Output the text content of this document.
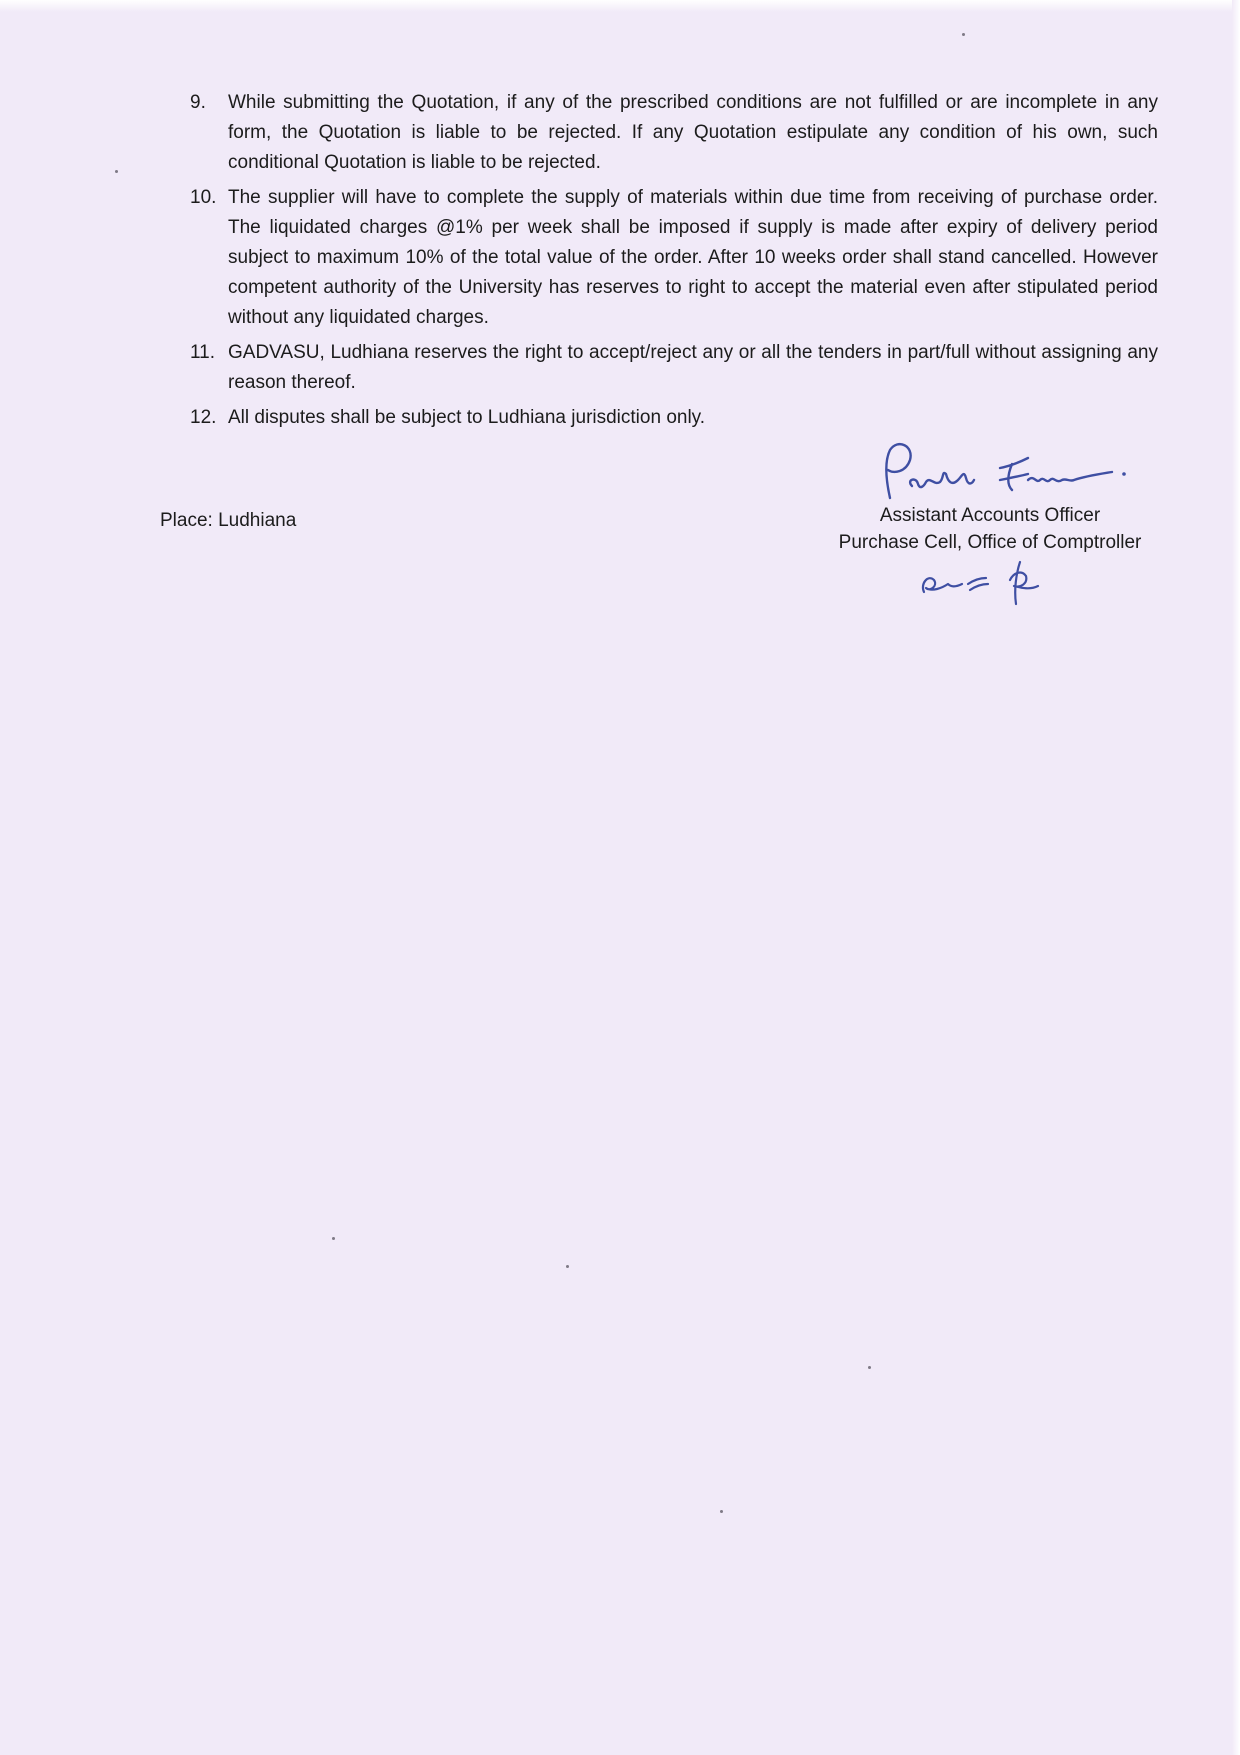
9.	While submitting the Quotation, if any of the prescribed conditions are not fulfilled or are incomplete in any form, the Quotation is liable to be rejected. If any Quotation estipulate any condition of his own, such conditional Quotation is liable to be rejected.
10. The supplier will have to complete the supply of materials within due time from receiving of purchase order. The liquidated charges @1% per week shall be imposed if supply is made after expiry of delivery period subject to maximum 10% of the total value of the order. After 10 weeks order shall stand cancelled. However competent authority of the University has reserves to right to accept the material even after stipulated period without any liquidated charges.
11. GADVASU, Ludhiana reserves the right to accept/reject any or all the tenders in part/full without assigning any reason thereof.
12. All disputes shall be subject to Ludhiana jurisdiction only.
Place: Ludhiana	Assistant Accounts Officer
Purchase Cell, Office of Comptroller
